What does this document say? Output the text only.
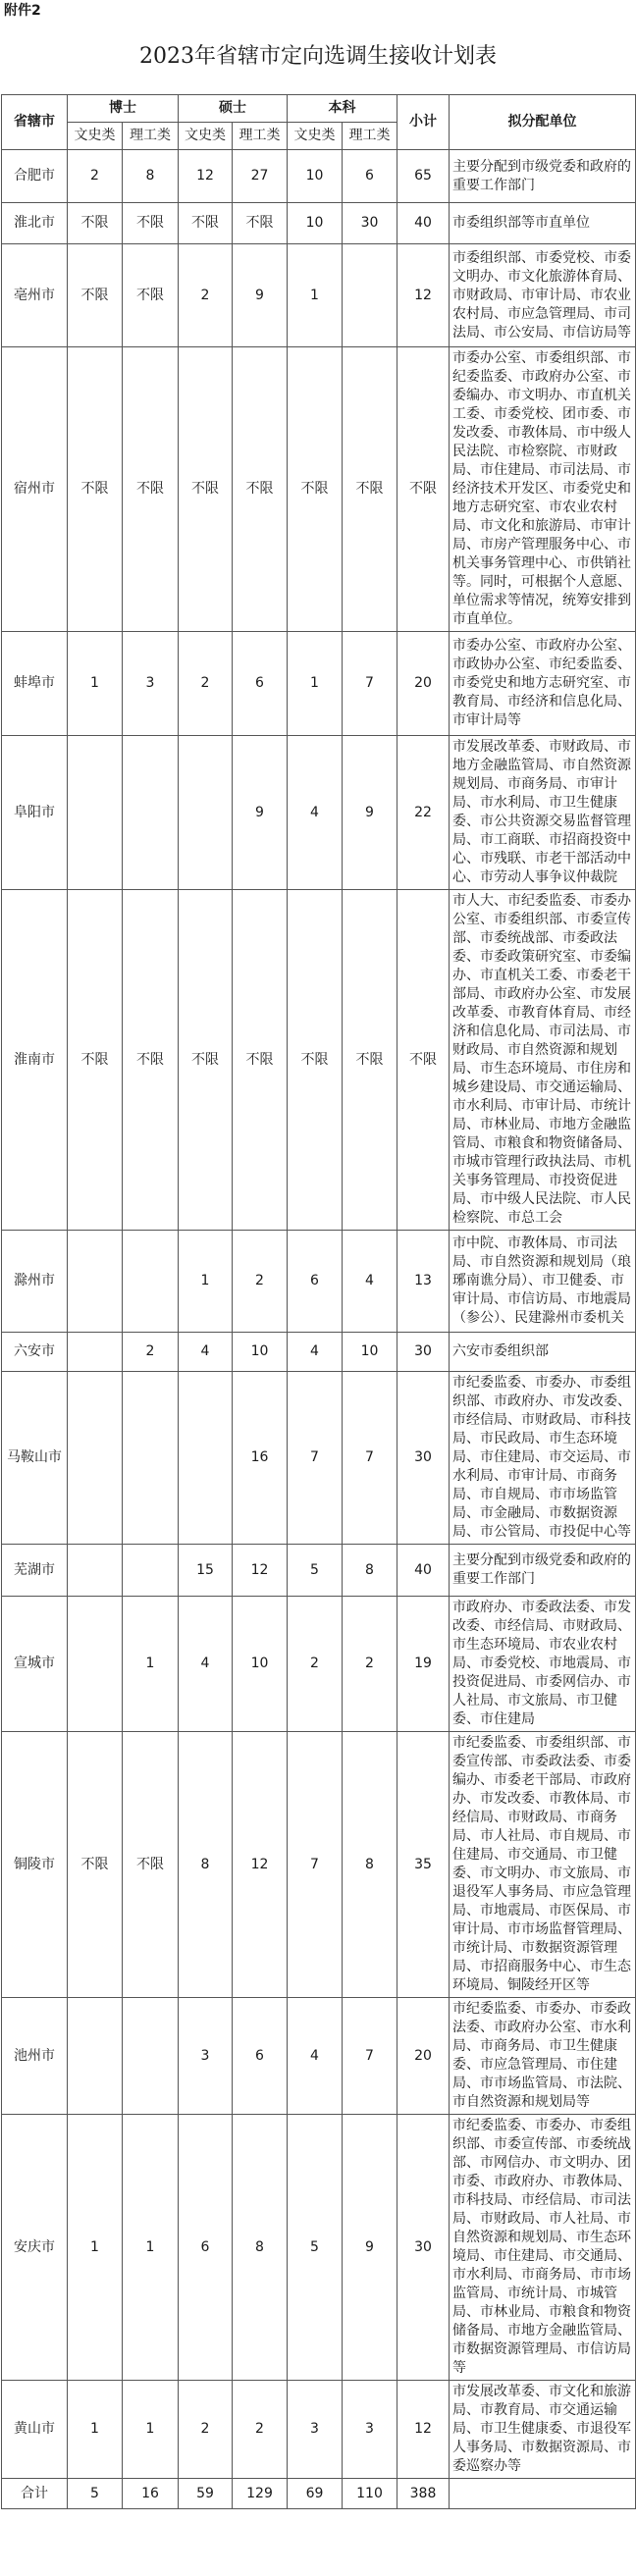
附件2
2023年省辖市定向选调生接收计划表
省辖市	博士		硕士		本科		小计	拟分配单位
	文史类	理工类	文史类	理工类	文史类	理工类		
合肥市	2	8	12	27	10	6	65	主要分配到市级党委和政府的重要工作部门
淮北市	不限	不限	不限	不限	10	30	40	市委组织部等市直单位
亳州市	不限	不限	2	9	1		12	市委组织部、市委党校、市委文明办、市文化旅游体育局、市财政局、市审计局、市农业农村局、市应急管理局、市司法局、市公安局、市信访局等
宿州市	不限	不限	不限	不限	不限	不限	不限	市委办公室、市委组织部、市纪委监委、市政府办公室、市委编办、市文明办、市直机关工委、市委党校、团市委、市发改委、市教体局、市中级人民法院、市检察院、市财政局、市住建局、市司法局、市经济技术开发区、市委党史和地方志研究室、市农业农村局、市文化和旅游局、市审计局、市房产管理服务中心、市机关事务管理中心、市供销社等。同时，可根据个人意愿、单位需求等情况，统筹安排到市直单位。
蚌埠市	1	3	2	6	1	7	20	市委办公室、市政府办公室、市政协办公室、市纪委监委、市委党史和地方志研究室、市教育局、市经济和信息化局、市审计局等
阜阳市				9	4	9	22	市发展改革委、市财政局、市地方金融监管局、市自然资源规划局、市商务局、市审计局、市水利局、市卫生健康委、市公共资源交易监督管理局、市工商联、市招商投资中心、市残联、市老干部活动中心、市劳动人事争议仲裁院
淮南市	不限	不限	不限	不限	不限	不限	不限	市人大、市纪委监委、市委办公室、市委组织部、市委宣传部、市委统战部、市委政法委、市委政策研究室、市委编办、市直机关工委、市委老干部局、市政府办公室、市发展改革委、市教育体育局、市经济和信息化局、市司法局、市财政局、市自然资源和规划局、市生态环境局、市住房和城乡建设局、市交通运输局、市水利局、市审计局、市统计局、市林业局、市地方金融监管局、市粮食和物资储备局、市城市管理行政执法局、市机关事务管理局、市投资促进局、市中级人民法院、市人民检察院、市总工会
滁州市			1	2	6	4	13	市中院、市教体局、市司法局、市自然资源和规划局（琅琊南谯分局）、市卫健委、市审计局、市信访局、市地震局（参公）、民建滁州市委机关
六安市		2	4	10	4	10	30	六安市委组织部
马鞍山市				16	7	7	30	市纪委监委、市委办、市委组织部、市政府办、市发改委、市经信局、市财政局、市科技局、市民政局、市生态环境局、市住建局、市交运局、市水利局、市审计局、市商务局、市自规局、市市场监管局、市金融局、市数据资源局、市公管局、市投促中心等
芜湖市			15	12	5	8	40	主要分配到市级党委和政府的重要工作部门
宣城市		1	4	10	2	2	19	市政府办、市委政法委、市发改委、市经信局、市财政局、市生态环境局、市农业农村局、市委党校、市地震局、市投资促进局、市委网信办、市人社局、市文旅局、市卫健委、市住建局
铜陵市	不限	不限	8	12	7	8	35	市纪委监委、市委组织部、市委宣传部、市委政法委、市委编办、市委老干部局、市政府办、市发改委、市教体局、市经信局、市财政局、市商务局、市人社局、市自规局、市住建局、市交通局、市卫健委、市文明办、市文旅局、市退役军人事务局、市应急管理局、市地震局、市医保局、市审计局、市市场监督管理局、市统计局、市数据资源管理局、市招商服务中心、市生态环境局、铜陵经开区等
池州市			3	6	4	7	20	市纪委监委、市委办、市委政法委、市政府办公室、市水利局、市商务局、市卫生健康委、市应急管理局、市住建局、市市场监管局、市法院、市自然资源和规划局等
安庆市	1	1	6	8	5	9	30	市纪委监委、市委办、市委组织部、市委宣传部、市委统战部、市网信办、市文明办、团市委、市政府办、市教体局、市科技局、市经信局、市司法局、市财政局、市人社局、市自然资源和规划局、市生态环境局、市住建局、市交通局、市水利局、市商务局、市市场监管局、市统计局、市城管局、市林业局、市粮食和物资储备局、市地方金融监管局、市数据资源管理局、市信访局等
黄山市	1	1	2	2	3	3	12	市发展改革委、市文化和旅游局、市教育局、市交通运输局、市卫生健康委、市退役军人事务局、市数据资源局、市委巡察办等
合计	5	16	59	129	69	110	388	
